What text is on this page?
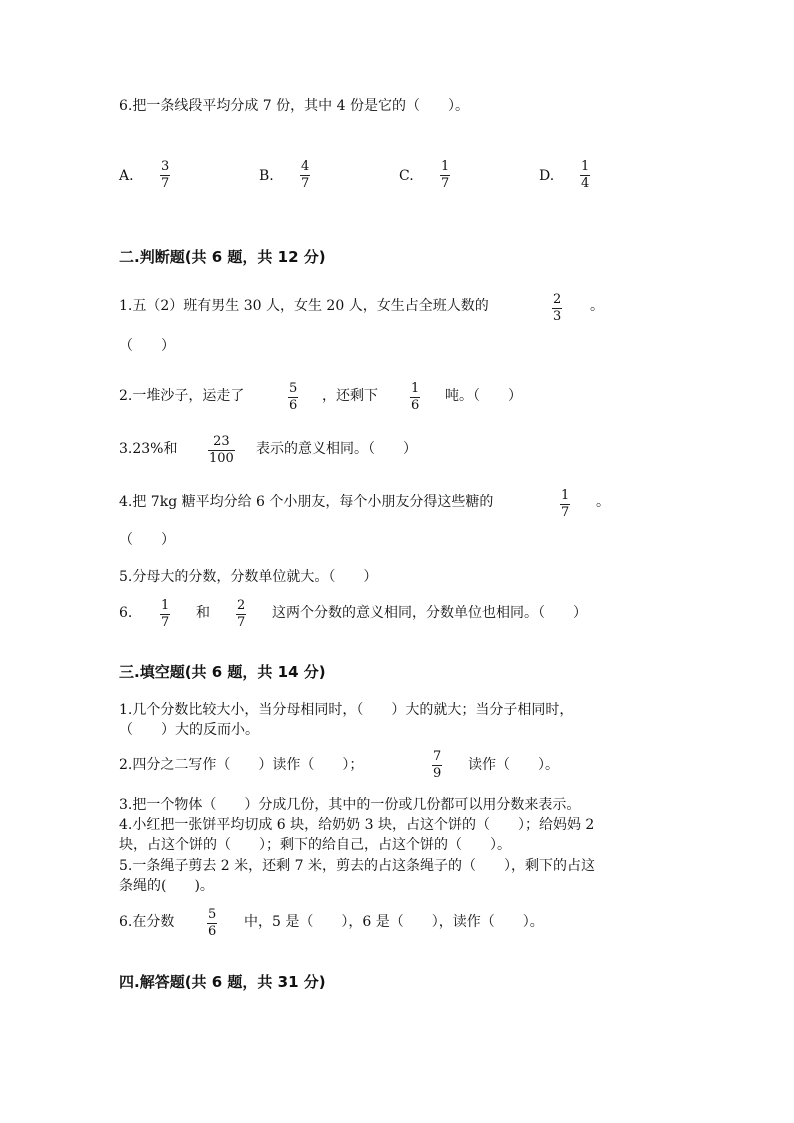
6.把一条线段平均分成 7 份，其中 4 份是它的（　　）。
A.
3
7	B.
4
7	C.
1
7	D.
1
4
二.判断题(共 6 题，共 12 分)
1.五（2）班有男生 30 人，女生 20 人，女生占全班人数的	2
3
。
（　　）
2.一堆沙子，运走了	5
6
，还剩下	1
6
吨。（　　）
3.23%和	23
100
表示的意义相同。（　　）
4.把 7kg 糖平均分给 6 个小朋友，每个小朋友分得这些糖的	1
7
。
（　　）
5.分母大的分数，分数单位就大。（　　）
6. 1
7
和 2
7
这两个分数的意义相同，分数单位也相同。（　　）
三.填空题(共 6 题，共 14 分)
1.几个分数比较大小，当分母相同时，（　　）大的就大；当分子相同时，
（　　）大的反而小。
2.四分之二写作（　　）读作（　　）；
7
9
读作（　　）。
3.把一个物体（　　）分成几份，其中的一份或几份都可以用分数来表示。
4.小红把一张饼平均切成 6 块，给奶奶 3 块，占这个饼的（　　）；给妈妈 2
块，占这个饼的（　　）；剩下的给自己，占这个饼的（　　）。
5.一条绳子剪去 2 米，还剩 7 米，剪去的占这条绳子的（　　），剩下的占这
条绳的(　　)。
6.在分数	5
6
中，5 是（　　），6 是（　　），读作（　　）。
四.解答题(共 6 题，共 31 分)
